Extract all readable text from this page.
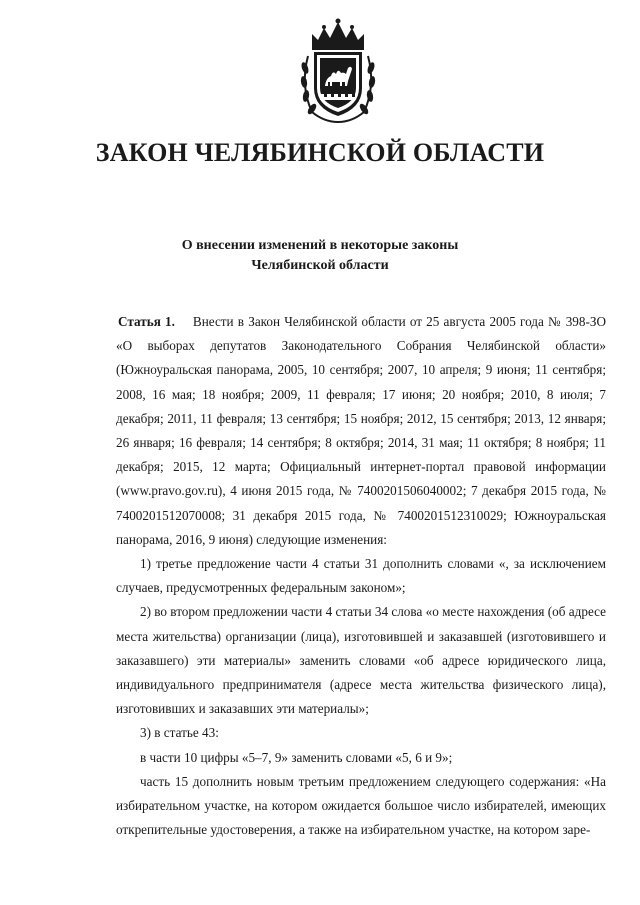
ЗАКОН ЧЕЛЯБИНСКОЙ ОБЛАСТИ
О внесении изменений в некоторые законы
Челябинской области

Статья 1. Внести в Закон Челябинской области от 25 августа 2005 года № 398-ЗО «О выборах депутатов Законодательного Собрания Челябинской области» (Южноуральская панорама, 2005, 10 сентября; 2007, 10 апреля; 9 июня; 11 сентября; 2008, 16 мая; 18 ноября; 2009, 11 февраля; 17 июня; 20 ноября; 2010, 8 июля; 7 декабря; 2011, 11 февраля; 13 сентября; 15 ноября; 2012, 15 сентября; 2013, 12 января; 26 января; 16 февраля; 14 сентября; 8 октября; 2014, 31 мая; 11 октября; 8 ноября; 11 декабря; 2015, 12 марта; Официальный интернет-портал правовой информации (www.pravo.gov.ru), 4 июня 2015 года, № 7400201506040002; 7 декабря 2015 года, № 7400201512070008; 31 декабря 2015 года, № 7400201512310029; Южноуральская панорама, 2016, 9 июня) следующие изменения:

1) третье предложение части 4 статьи 31 дополнить словами «, за исключением случаев, предусмотренных федеральным законом»;

2) во втором предложении части 4 статьи 34 слова «о месте нахождения (об адресе места жительства) организации (лица), изготовившей и заказавшей (изготовившего и заказавшего) эти материалы» заменить словами «об адресе юридического лица, индивидуального предпринимателя (адресе места жительства физического лица), изготовивших и заказавших эти материалы»;

3) в статье 43:

в части 10 цифры «5–7, 9» заменить словами «5, 6 и 9»;

часть 15 дополнить новым третьим предложением следующего содержания: «На избирательном участке, на котором ожидается большое число избирателей, имеющих открепительные удостоверения, а также на избирательном участке, на котором заре-
